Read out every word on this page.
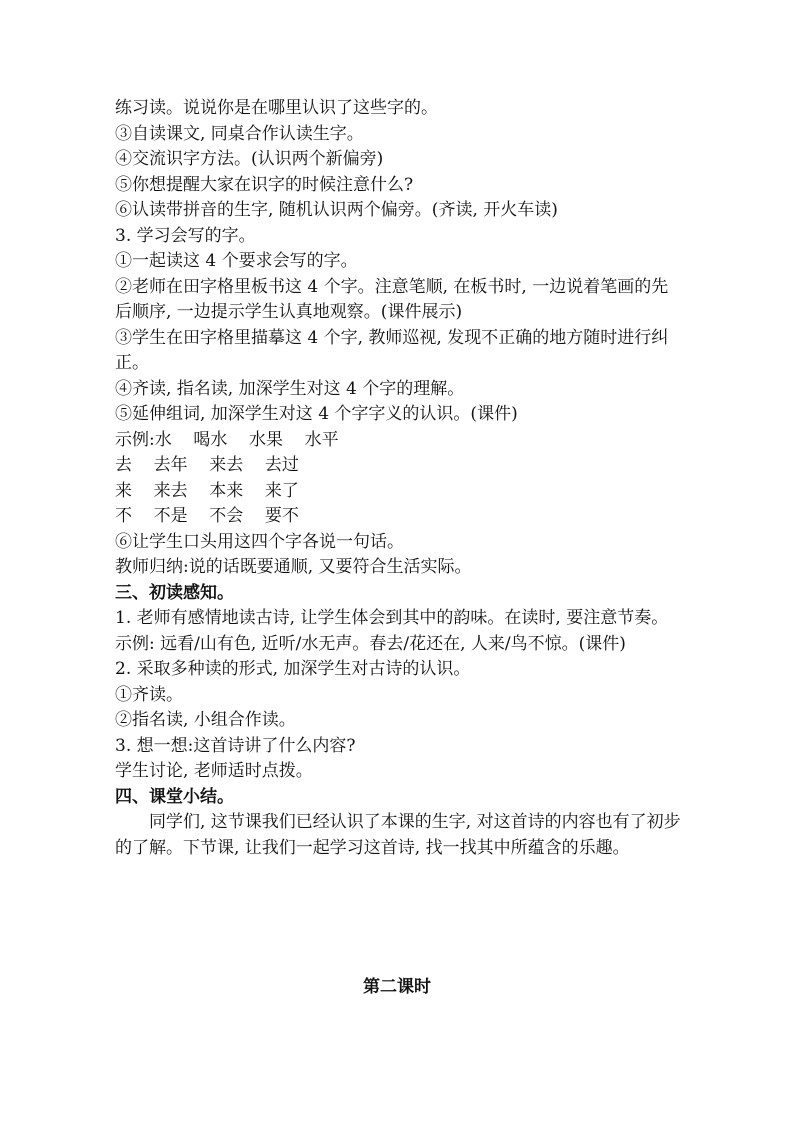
练习读。说说你是在哪里认识了这些字的。

③自读课文, 同桌合作认读生字。

④交流识字方法。(认识两个新偏旁)

⑤你想提醒大家在识字的时候注意什么?

⑥认读带拼音的生字, 随机认识两个偏旁。(齐读, 开火车读)

3. 学习会写的字。

①一起读这 4 个要求会写的字。

②老师在田字格里板书这 4 个字。注意笔顺, 在板书时, 一边说着笔画的先后顺序, 一边提示学生认真地观察。(课件展示)

③学生在田字格里描摹这 4 个字, 教师巡视, 发现不正确的地方随时进行纠正。

④齐读, 指名读, 加深学生对这 4 个字的理解。

⑤延伸组词, 加深学生对这 4 个字字义的认识。(课件)

示例:水    喝水    水果    水平

去    去年    来去    去过

来    来去    本来    来了

不    不是    不会    要不

⑥让学生口头用这四个字各说一句话。

教师归纳:说的话既要通顺, 又要符合生活实际。

三、初读感知。

1. 老师有感情地读古诗, 让学生体会到其中的韵味。在读时, 要注意节奏。

示例: 远看/山有色, 近听/水无声。春去/花还在, 人来/鸟不惊。(课件)

2. 采取多种读的形式, 加深学生对古诗的认识。

①齐读。

②指名读, 小组合作读。

3. 想一想:这首诗讲了什么内容?

学生讨论, 老师适时点拨。

四、课堂小结。

同学们, 这节课我们已经认识了本课的生字, 对这首诗的内容也有了初步的了解。下节课, 让我们一起学习这首诗, 找一找其中所蕴含的乐趣。

第二课时
